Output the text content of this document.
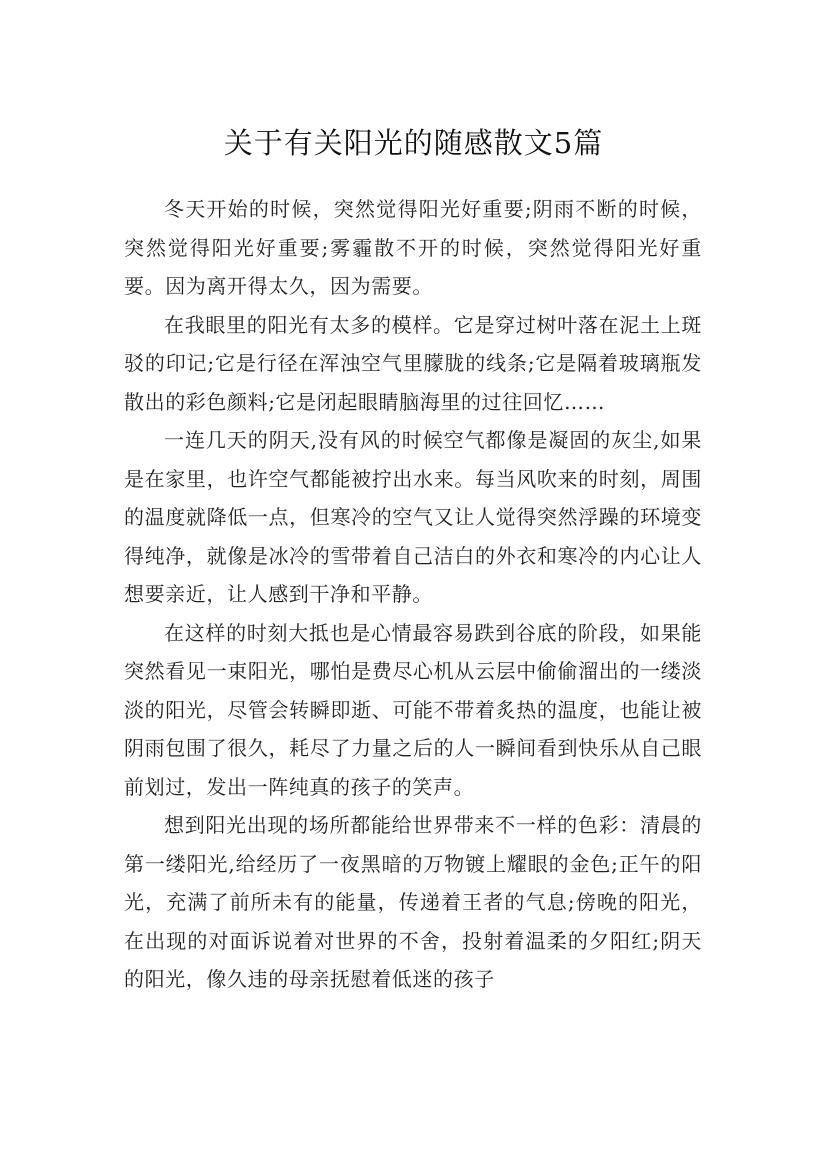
关于有关阳光的随感散文5篇

冬天开始的时候，突然觉得阳光好重要;阴雨不断的时候，突然觉得阳光好重要;雾霾散不开的时候，突然觉得阳光好重要。因为离开得太久，因为需要。

在我眼里的阳光有太多的模样。它是穿过树叶落在泥土上斑驳的印记;它是行径在浑浊空气里朦胧的线条;它是隔着玻璃瓶发散出的彩色颜料;它是闭起眼睛脑海里的过往回忆……

一连几天的阴天,没有风的时候空气都像是凝固的灰尘,如果是在家里，也许空气都能被拧出水来。每当风吹来的时刻，周围的温度就降低一点，但寒冷的空气又让人觉得突然浮躁的环境变得纯净，就像是冰冷的雪带着自己洁白的外衣和寒冷的内心让人想要亲近，让人感到干净和平静。

在这样的时刻大抵也是心情最容易跌到谷底的阶段，如果能突然看见一束阳光，哪怕是费尽心机从云层中偷偷溜出的一缕淡淡的阳光，尽管会转瞬即逝、可能不带着炙热的温度，也能让被阴雨包围了很久，耗尽了力量之后的人一瞬间看到快乐从自己眼前划过，发出一阵纯真的孩子的笑声。

想到阳光出现的场所都能给世界带来不一样的色彩：清晨的第一缕阳光,给经历了一夜黑暗的万物镀上耀眼的金色;正午的阳光，充满了前所未有的能量，传递着王者的气息;傍晚的阳光，在出现的对面诉说着对世界的不舍，投射着温柔的夕阳红;阴天的阳光，像久违的母亲抚慰着低迷的孩子
